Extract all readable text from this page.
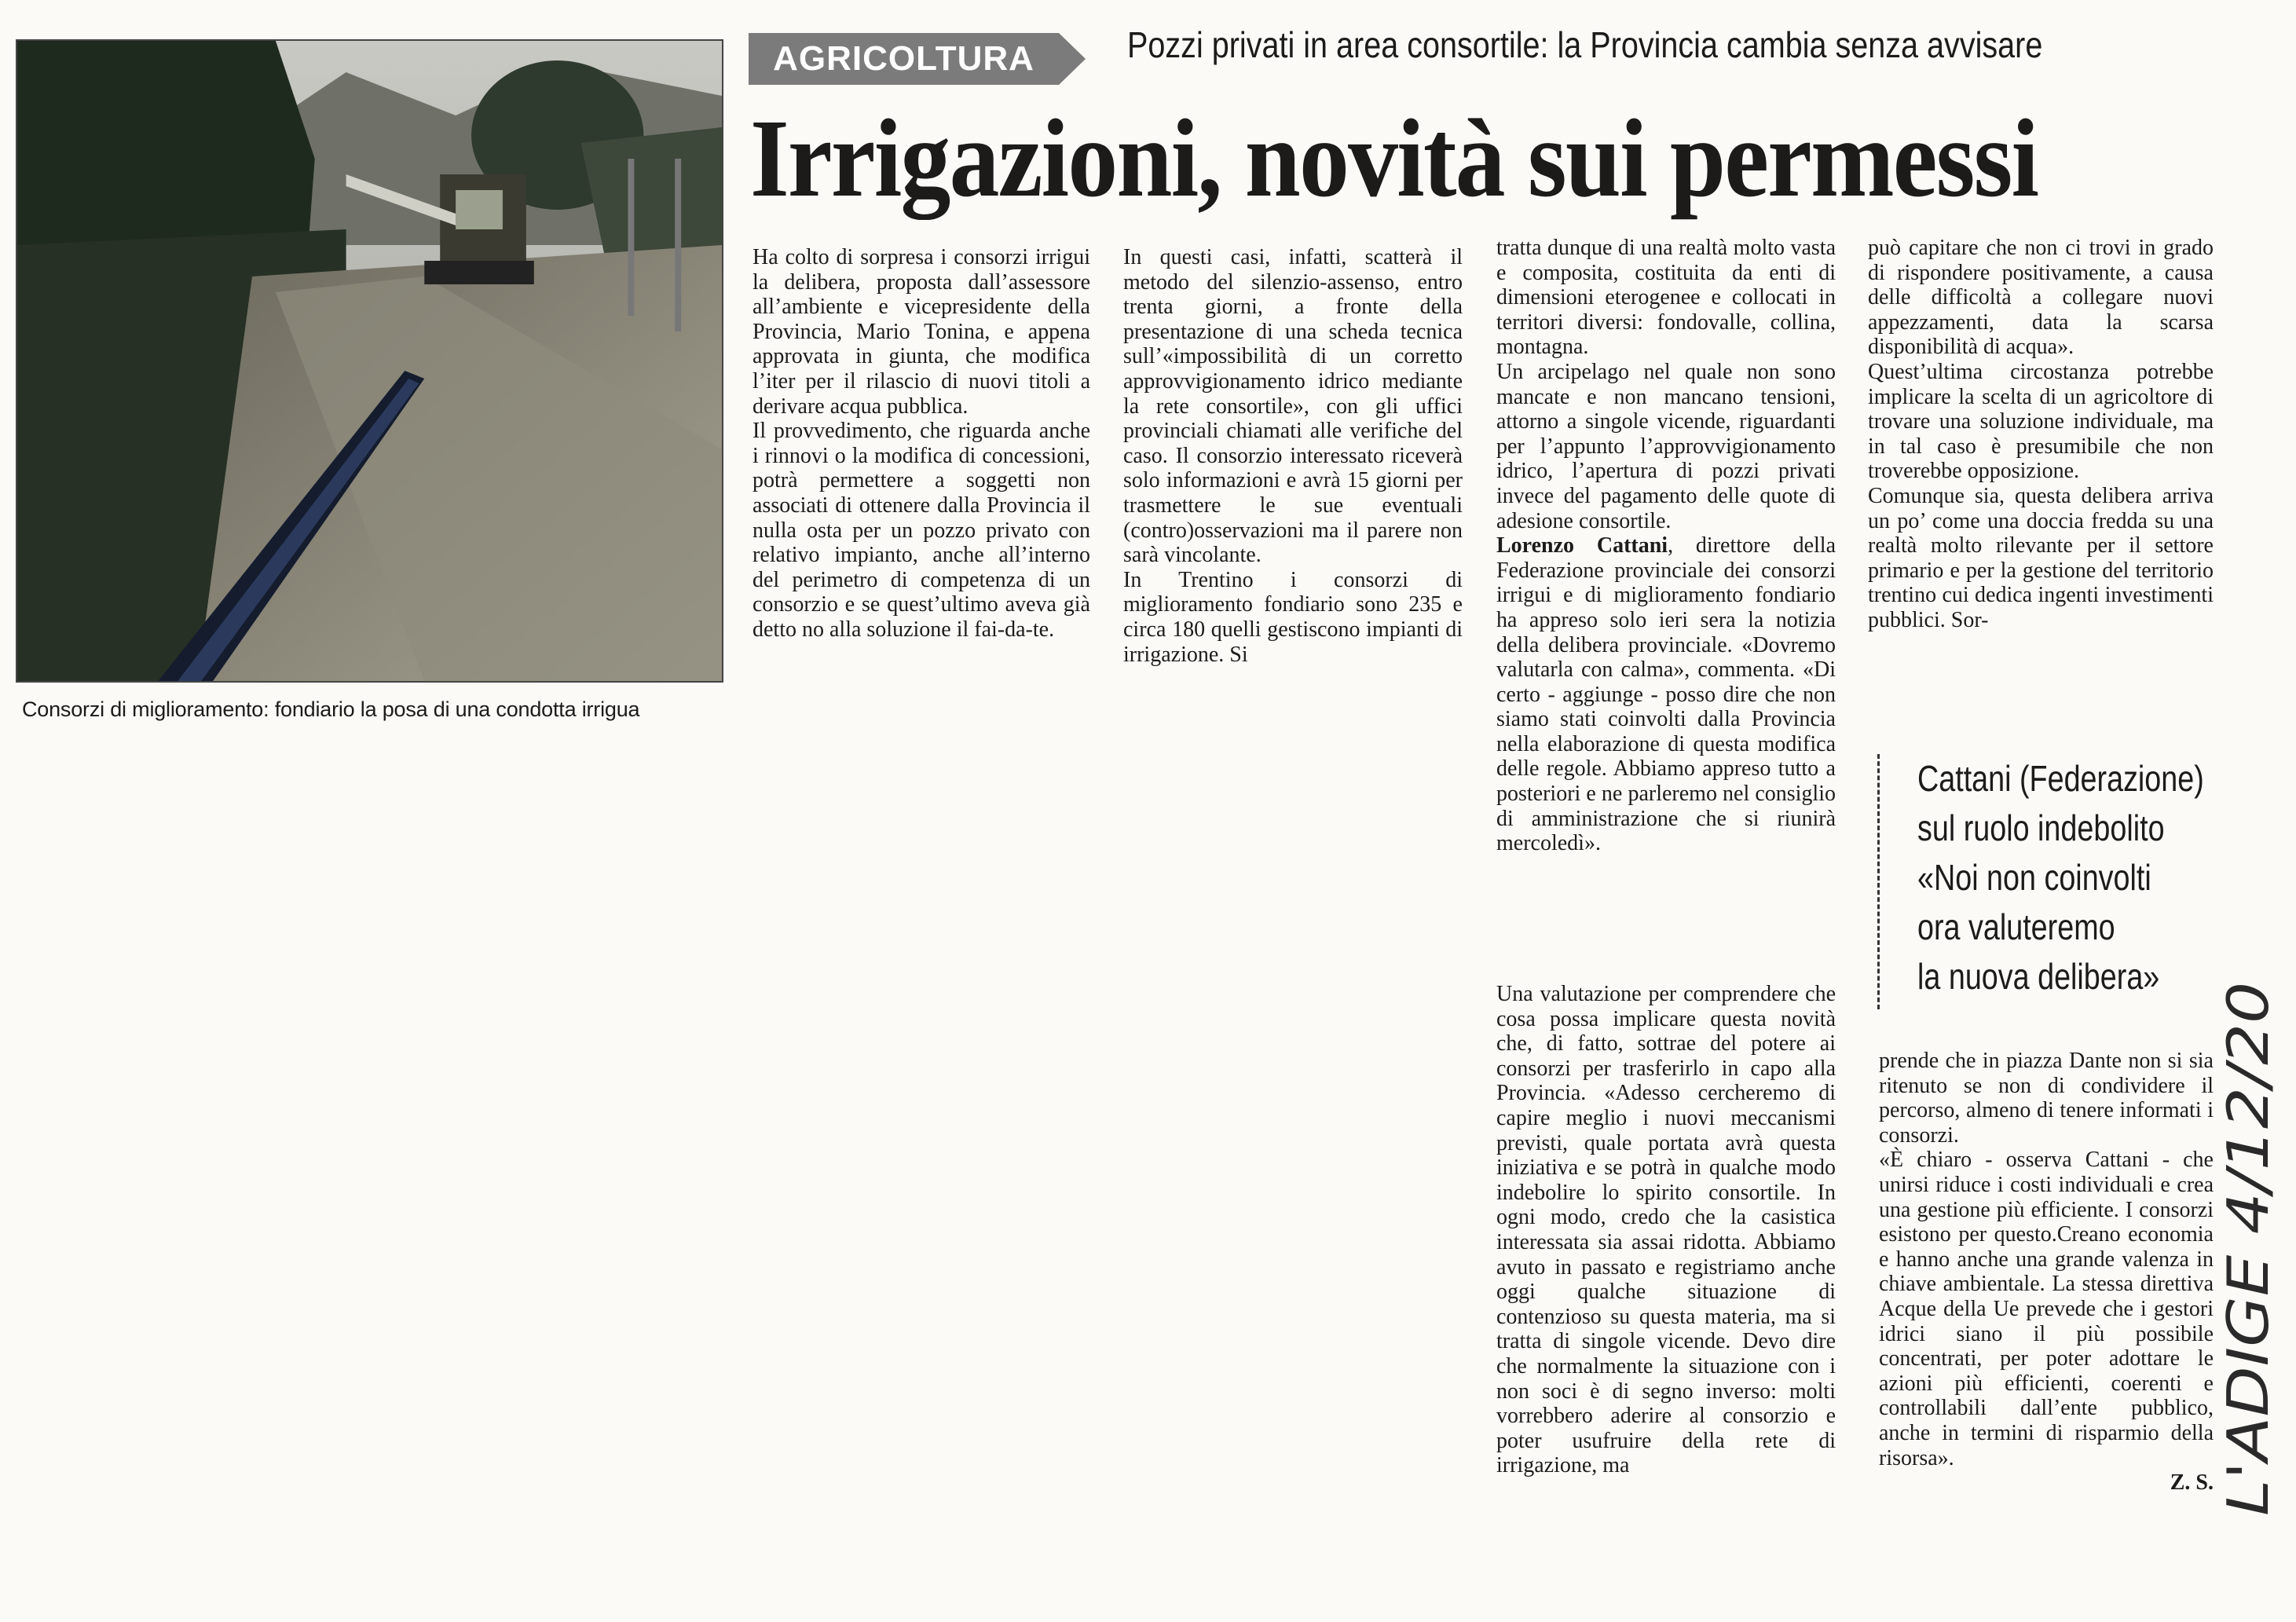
Consorzi di miglioramento: fondiario la posa di una condotta irrigua
AGRICOLTURA	Pozzi privati in area consortile: la Provincia cambia senza avvisare
Irrigazioni, novità sui permessi

Ha colto di sorpresa i consorzi irrigui la delibera, proposta dall’assessore all’ambiente e vicepresidente della Provincia, Mario Tonina, e appena approvata in giunta, che modifica l’iter per il rilascio di nuovi titoli a derivare acqua pubblica.

Il provvedimento, che riguarda anche i rinnovi o la modifica di concessioni, potrà permettere a soggetti non associati di ottenere dalla Provincia il nulla osta per un pozzo privato con relativo impianto, anche all’interno del perimetro di competenza di un consorzio e se quest’ultimo aveva già detto no alla soluzione il fai-da-te.

In questi casi, infatti, scatterà il metodo del silenzio-assenso, entro trenta giorni, a fronte della presentazione di una scheda tecnica sull’«impossibilità di un corretto approvvigionamento idrico mediante la rete consortile», con gli uffici provinciali chiamati alle verifiche del caso. Il consorzio interessato riceverà solo informazioni e avrà 15 giorni per trasmettere le sue eventuali (contro)osservazioni ma il parere non sarà vincolante.

In Trentino i consorzi di miglioramento fondiario sono 235 e circa 180 quelli gestiscono impianti di irrigazione. Si

tratta dunque di una realtà molto vasta e composita, costituita da enti di dimensioni eterogenee e collocati in territori diversi: fondovalle, collina, montagna.

Un arcipelago nel quale non sono mancate e non mancano tensioni, attorno a singole vicende, riguardanti per l’appunto l’approvvigionamento idrico, l’apertura di pozzi privati invece del pagamento delle quote di adesione consortile.

Lorenzo Cattani, direttore della Federazione provinciale dei consorzi irrigui e di miglioramento fondiario ha appreso solo ieri sera la notizia della delibera provinciale. «Dovremo valutarla con calma», commenta. «Di certo - aggiunge - posso dire che non siamo stati coinvolti dalla Provincia nella elaborazione di questa modifica delle regole. Abbiamo appreso tutto a posteriori e ne parleremo nel consiglio di amministrazione che si riunirà mercoledì».

Una valutazione per comprendere che cosa possa implicare questa novità che, di fatto, sottrae del potere ai consorzi per trasferirlo in capo alla Provincia. «Adesso cercheremo di capire meglio i nuovi meccanismi previsti, quale portata avrà questa iniziativa e se potrà in qualche modo indebolire lo spirito consortile. In ogni modo, credo che la casistica interessata sia assai ridotta. Abbiamo avuto in passato e registriamo anche oggi qualche situazione di contenzioso su questa materia, ma si tratta di singole vicende. Devo dire che normalmente la situazione con i non soci è di segno inverso: molti vorrebbero aderire al consorzio e poter usufruire della rete di irrigazione, ma

può capitare che non ci trovi in grado di rispondere positivamente, a causa delle difficoltà a collegare nuovi appezzamenti, data la scarsa disponibilità di acqua».

Quest’ultima circostanza potrebbe implicare la scelta di un agricoltore di trovare una soluzione individuale, ma in tal caso è presumibile che non troverebbe opposizione.

Comunque sia, questa delibera arriva un po’ come una doccia fredda su una realtà molto rilevante per il settore primario e per la gestione del territorio trentino cui dedica ingenti investimenti pubblici. Sor-

Cattani (Federazione)
sul ruolo indebolito
«Noi non coinvolti
ora valuteremo
la nuova delibera»

prende che in piazza Dante non si sia ritenuto se non di condividere il percorso, almeno di tenere informati i consorzi.

«È chiaro - osserva Cattani - che unirsi riduce i costi individuali e crea una gestione più efficiente. I consorzi esistono per questo.Creano economia e hanno anche una grande valenza in chiave ambientale. La stessa direttiva Acque della Ue prevede che i gestori idrici siano il più possibile concentrati, per poter adottare le azioni più efficienti, coerenti e controllabili dall’ente pubblico, anche in termini di risparmio della risorsa».

Z. S. L'ADIGE 4/12/20
